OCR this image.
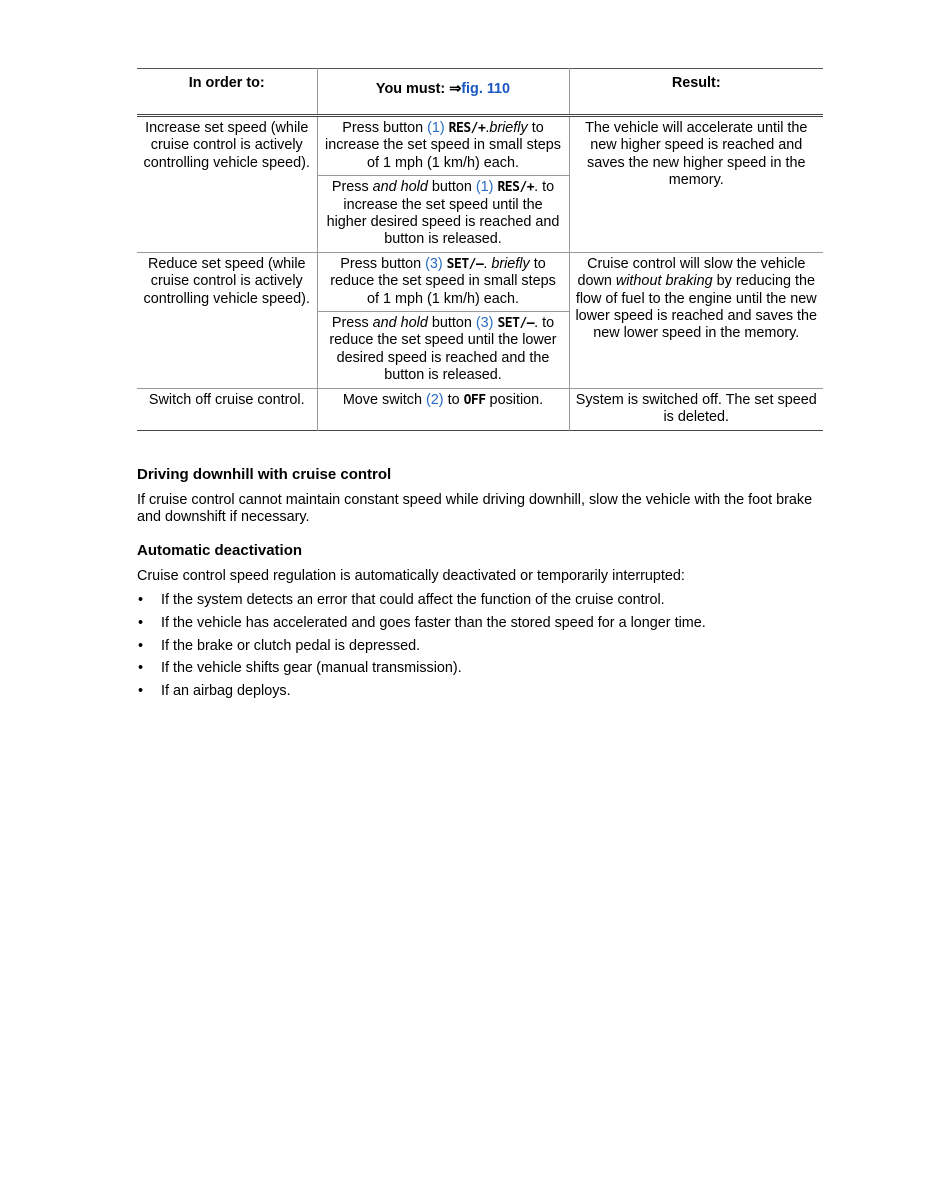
In order to:	You must: ⇒fig. 110	Result:
Increase set speed (while cruise control is actively controlling vehicle speed).	Press button (1) RES/+.briefly to increase the set speed in small steps of 1 mph (1 km/h) each.	The vehicle will accelerate until the new higher speed is reached and saves the new higher speed in the memory.
	Press and hold button (1) RES/+. to increase the set speed until the higher desired speed is reached and button is released.	
Reduce set speed (while cruise control is actively controlling vehicle speed).	Press button (3) SET/–. briefly to reduce the set speed in small steps of 1 mph (1 km/h) each.	Cruise control will slow the vehicle down without braking by reducing the flow of fuel to the engine until the new lower speed is reached and saves the new lower speed in the memory.
	Press and hold button (3) SET/–. to reduce the set speed until the lower desired speed is reached and the button is released.	
Switch off cruise control.	Move switch (2) to OFF position.	System is switched off. The set speed is deleted.
Driving downhill with cruise control

If cruise control cannot maintain constant speed while driving downhill, slow the vehicle with the foot brake and downshift if necessary.

Automatic deactivation

Cruise control speed regulation is automatically deactivated or temporarily interrupted:

• If the system detects an error that could affect the function of the cruise control.
• If the vehicle has accelerated and goes faster than the stored speed for a longer time.
• If the brake or clutch pedal is depressed.
• If the vehicle shifts gear (manual transmission).
• If an airbag deploys.
